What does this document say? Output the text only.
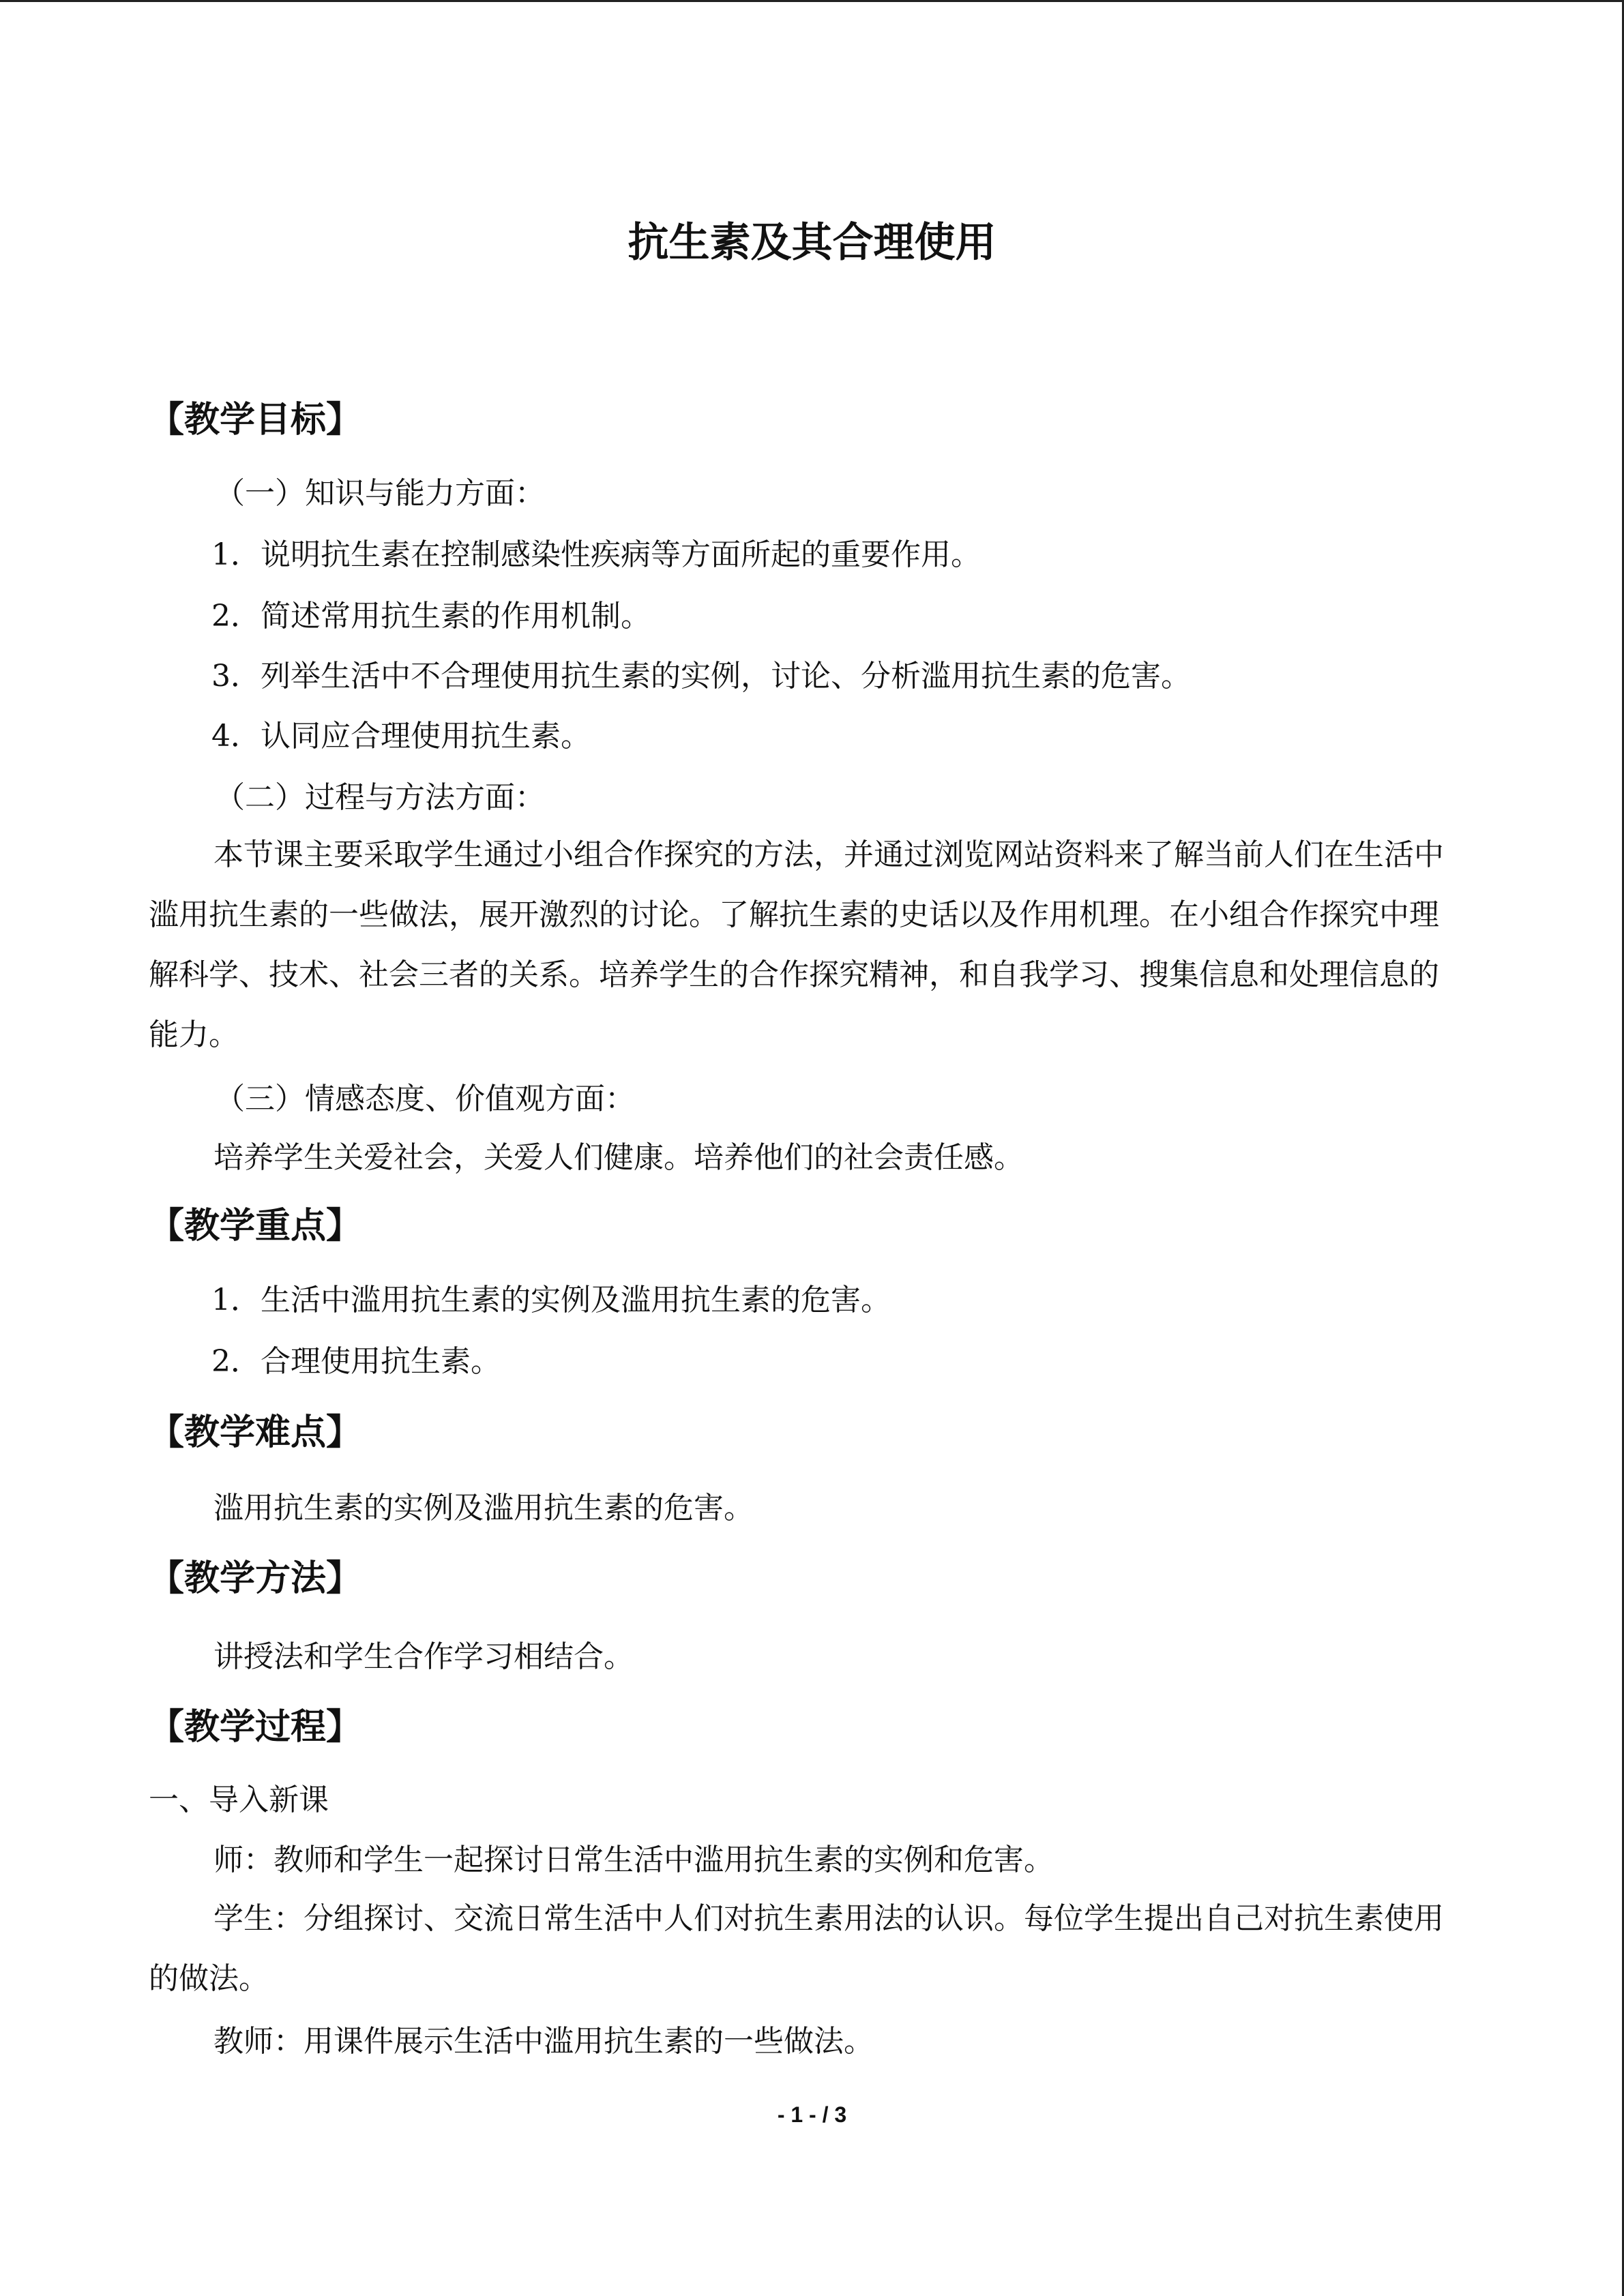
抗生素及其合理使用
【教学目标】
（一）知识与能力方面：
1．说明抗生素在控制感染性疾病等方面所起的重要作用。
2．简述常用抗生素的作用机制。
3．列举生活中不合理使用抗生素的实例，讨论、分析滥用抗生素的危害。
4．认同应合理使用抗生素。
（二）过程与方法方面：
本节课主要采取学生通过小组合作探究的方法，并通过浏览网站资料来了解当前人们在生活中滥用抗生素的一些做法，展开激烈的讨论。了解抗生素的史话以及作用机理。在小组合作探究中理解科学、技术、社会三者的关系。培养学生的合作探究精神，和自我学习、搜集信息和处理信息的能力。
（三）情感态度、价值观方面：
培养学生关爱社会，关爱人们健康。培养他们的社会责任感。
【教学重点】
1．生活中滥用抗生素的实例及滥用抗生素的危害。
2．合理使用抗生素。
【教学难点】
滥用抗生素的实例及滥用抗生素的危害。
【教学方法】
讲授法和学生合作学习相结合。
【教学过程】
一、导入新课
师：教师和学生一起探讨日常生活中滥用抗生素的实例和危害。
学生：分组探讨、交流日常生活中人们对抗生素用法的认识。每位学生提出自己对抗生素使用的做法。
教师：用课件展示生活中滥用抗生素的一些做法。
- 1 - / 3
